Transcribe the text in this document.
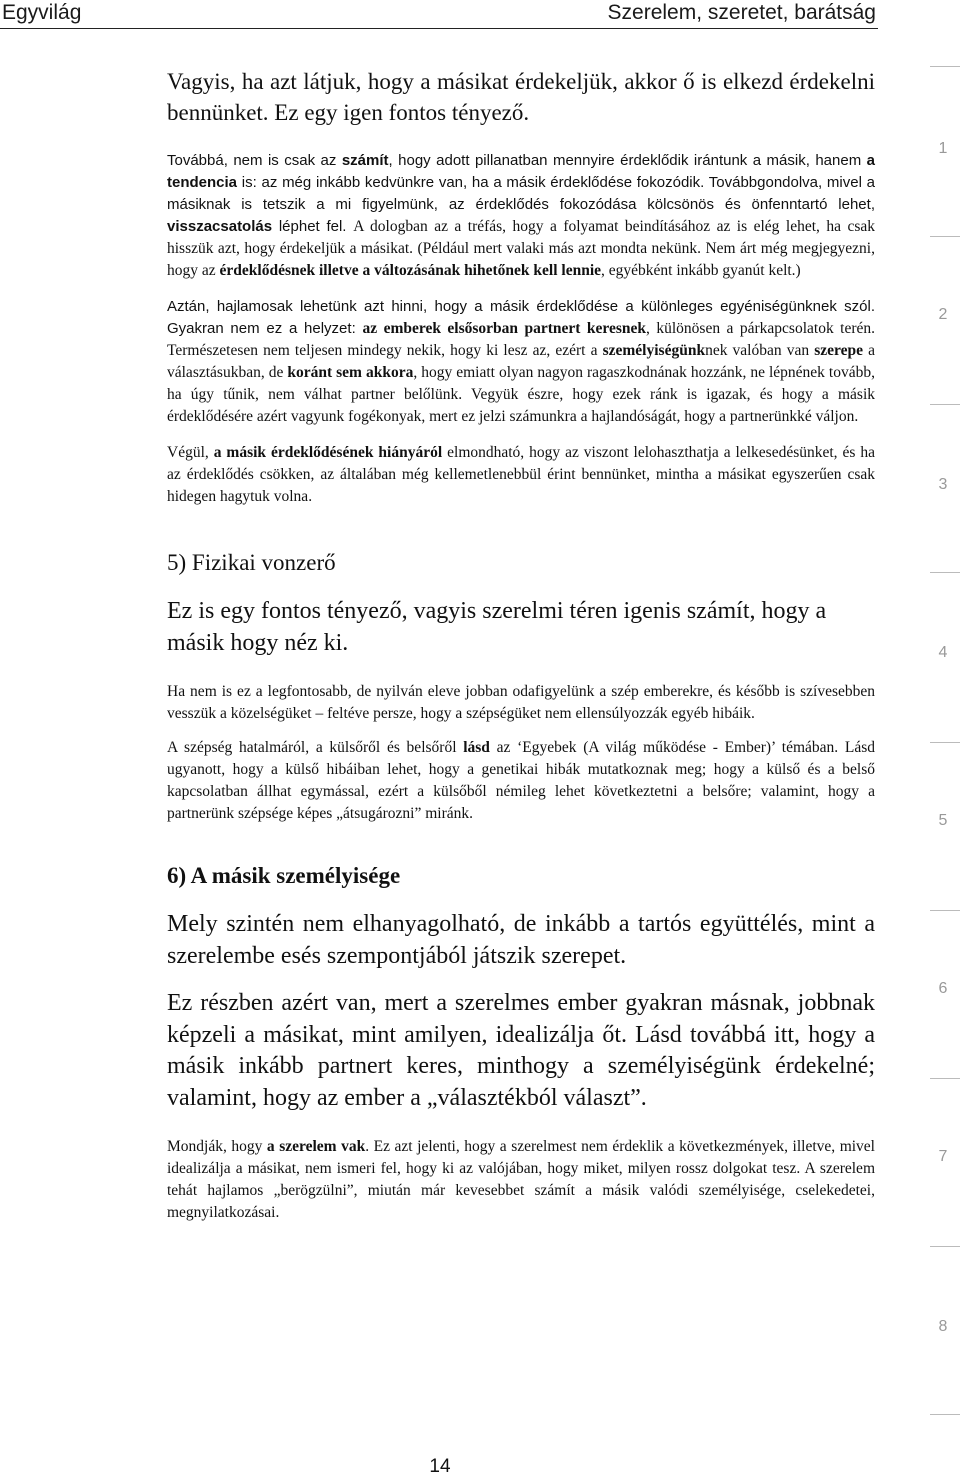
Egyvilág	Szerelem, szeretet, barátság

Vagyis, ha azt látjuk, hogy a másikat érdekeljük, akkor ő is elkezd érdekelni bennünket. Ez egy igen fontos tényező.

Továbbá, nem is csak az számít, hogy adott pillanatban mennyire érdeklődik irántunk a másik, hanem a tendencia is: az még inkább kedvünkre van, ha a másik érdeklődése fokozódik. Továbbgondolva, mivel a másiknak is tetszik a mi figyelmünk, az érdeklődés fokozódása kölcsönös és önfenntartó lehet, visszacsatolás léphet fel. A dologban az a tréfás, hogy a folyamat beindításához az is elég lehet, ha csak hisszük azt, hogy érdekeljük a másikat. (Például mert valaki más azt mondta nekünk. Nem árt még megjegyezni, hogy az érdeklődésnek illetve a változásának hihetőnek kell lennie, egyébként inkább gyanút kelt.)

Aztán, hajlamosak lehetünk azt hinni, hogy a másik érdeklődése a különleges egyéniségünknek szól. Gyakran nem ez a helyzet: az emberek elsősorban partnert keresnek, különösen a párkapcsolatok terén. Természetesen nem teljesen mindegy nekik, hogy ki lesz az, ezért a személyiségünknek valóban van szerepe a választásukban, de koránt sem akkora, hogy emiatt olyan nagyon ragaszkodnának hozzánk, ne lépnének tovább, ha úgy tűnik, nem válhat partner belőlünk. Vegyük észre, hogy ezek ránk is igazak, és hogy a másik érdeklődésére azért vagyunk fogékonyak, mert ez jelzi számunkra a hajlandóságát, hogy a partnerünkké váljon.

Végül, a másik érdeklődésének hiányáról elmondható, hogy az viszont lelohaszthatja a lelkesedésünket, és ha az érdeklődés csökken, az általában még kellemetlenebbül érint bennünket, mintha a másikat egyszerűen csak hidegen hagytuk volna.

5) Fizikai vonzerő

Ez is egy fontos tényező, vagyis szerelmi téren igenis számít, hogy a másik hogy néz ki.

Ha nem is ez a legfontosabb, de nyilván eleve jobban odafigyelünk a szép emberekre, és később is szívesebben vesszük a közelségüket – feltéve persze, hogy a szépségüket nem ellensúlyozzák egyéb hibáik.

A szépség hatalmáról, a külsőről és belsőről lásd az ‘Egyebek (A világ működése - Ember)’ témában. Lásd ugyanott, hogy a külső hibáiban lehet, hogy a genetikai hibák mutatkoznak meg; hogy a külső és a belső kapcsolatban állhat egymással, ezért a külsőből némileg lehet következtetni a belsőre; valamint, hogy a partnerünk szépsége képes „átsugározni” miránk.

6) A másik személyisége

Mely szintén nem elhanyagolható, de inkább a tartós együttélés, mint a szerelembe esés szempontjából játszik szerepet.

Ez részben azért van, mert a szerelmes ember gyakran másnak, jobbnak képzeli a másikat, mint amilyen, idealizálja őt. Lásd továbbá itt, hogy a másik inkább partnert keres, minthogy a személyiségünk érdekelné; valamint, hogy az ember a „választékból választ”.

Mondják, hogy a szerelem vak. Ez azt jelenti, hogy a szerelmest nem érdeklik a következmények, illetve, mivel idealizálja a másikat, nem ismeri fel, hogy ki az valójában, hogy miket, milyen rossz dolgokat tesz. A szerelem tehát hajlamos „berögzülni”, miután már kevesebbet számít a másik valódi személyisége, cselekedetei, megnyilatkozásai.

1
2
3
4
5
6
7
8
14
